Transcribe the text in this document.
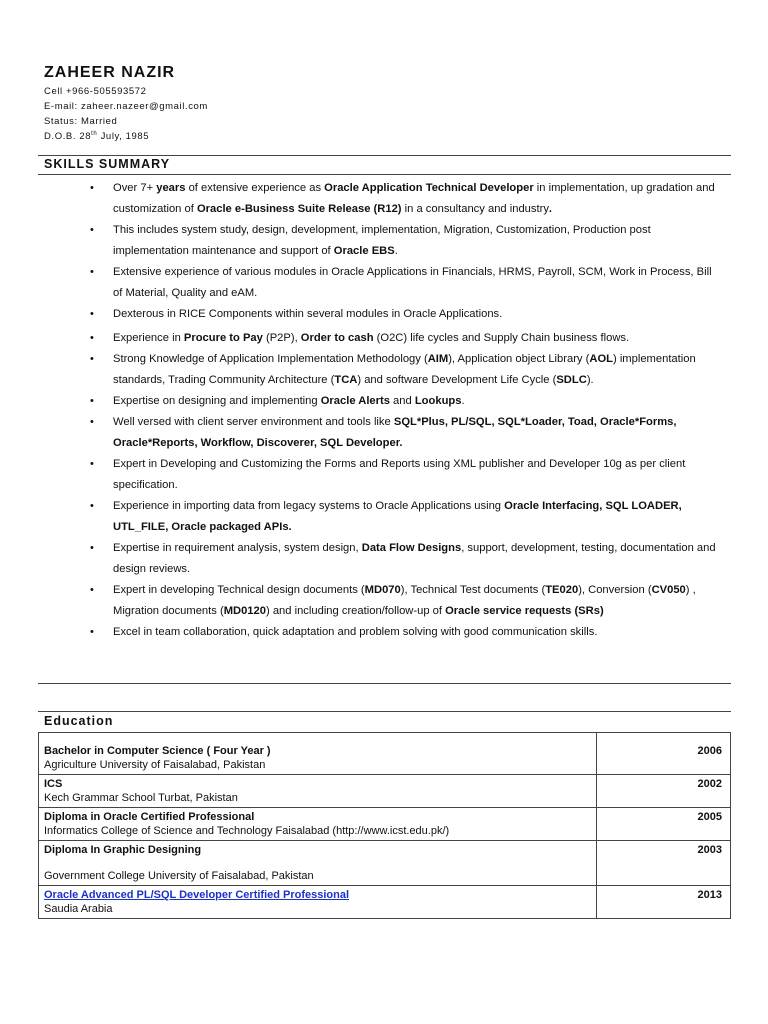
ZAHEER NAZIR
Cell +966-505593572
E-mail: zaheer.nazeer@gmail.com
Status: Married
D.O.B. 28th July, 1985
SKILLS SUMMARY
• Over 7+ years of extensive experience as Oracle Application Technical Developer in implementation, up gradation and customization of Oracle e-Business Suite Release (R12) in a consultancy and industry.
• This includes system study, design, development, implementation, Migration, Customization, Production post implementation maintenance and support of Oracle EBS.
• Extensive experience of various modules in Oracle Applications in Financials, HRMS, Payroll, SCM, Work in Process, Bill of Material, Quality and eAM.
• Dexterous in RICE Components within several modules in Oracle Applications.
• Experience in Procure to Pay (P2P), Order to cash (O2C) life cycles and Supply Chain business flows.
• Strong Knowledge of Application Implementation Methodology (AIM), Application object Library (AOL) implementation standards, Trading Community Architecture (TCA) and software Development Life Cycle (SDLC).
• Expertise on designing and implementing Oracle Alerts and Lookups.
• Well versed with client server environment and tools like SQL*Plus, PL/SQL, SQL*Loader, Toad, Oracle*Forms, Oracle*Reports, Workflow, Discoverer, SQL Developer.
• Expert in Developing and Customizing the Forms and Reports using XML publisher and Developer 10g as per client specification.
• Experience in importing data from legacy systems to Oracle Applications using Oracle Interfacing, SQL LOADER, UTL_FILE, Oracle packaged APIs.
• Expertise in requirement analysis, system design, Data Flow Designs, support, development, testing, documentation and design reviews.
• Expert in developing Technical design documents (MD070), Technical Test documents (TE020), Conversion (CV050) , Migration documents (MD0120) and including creation/follow-up of Oracle service requests (SRs)
• Excel in team collaboration, quick adaptation and problem solving with good communication skills.
Education
Bachelor in Computer Science ( Four Year )
Agriculture University of Faisalabad, Pakistan	2006

ICS
Kech Grammar School Turbat, Pakistan	2002

Diploma in Oracle Certified Professional
Informatics College of Science and Technology Faisalabad (http://www.icst.edu.pk/)	2005

Diploma In Graphic Designing
Government College University of Faisalabad, Pakistan	2003

Oracle Advanced PL/SQL Developer Certified Professional
Saudia Arabia	2013
